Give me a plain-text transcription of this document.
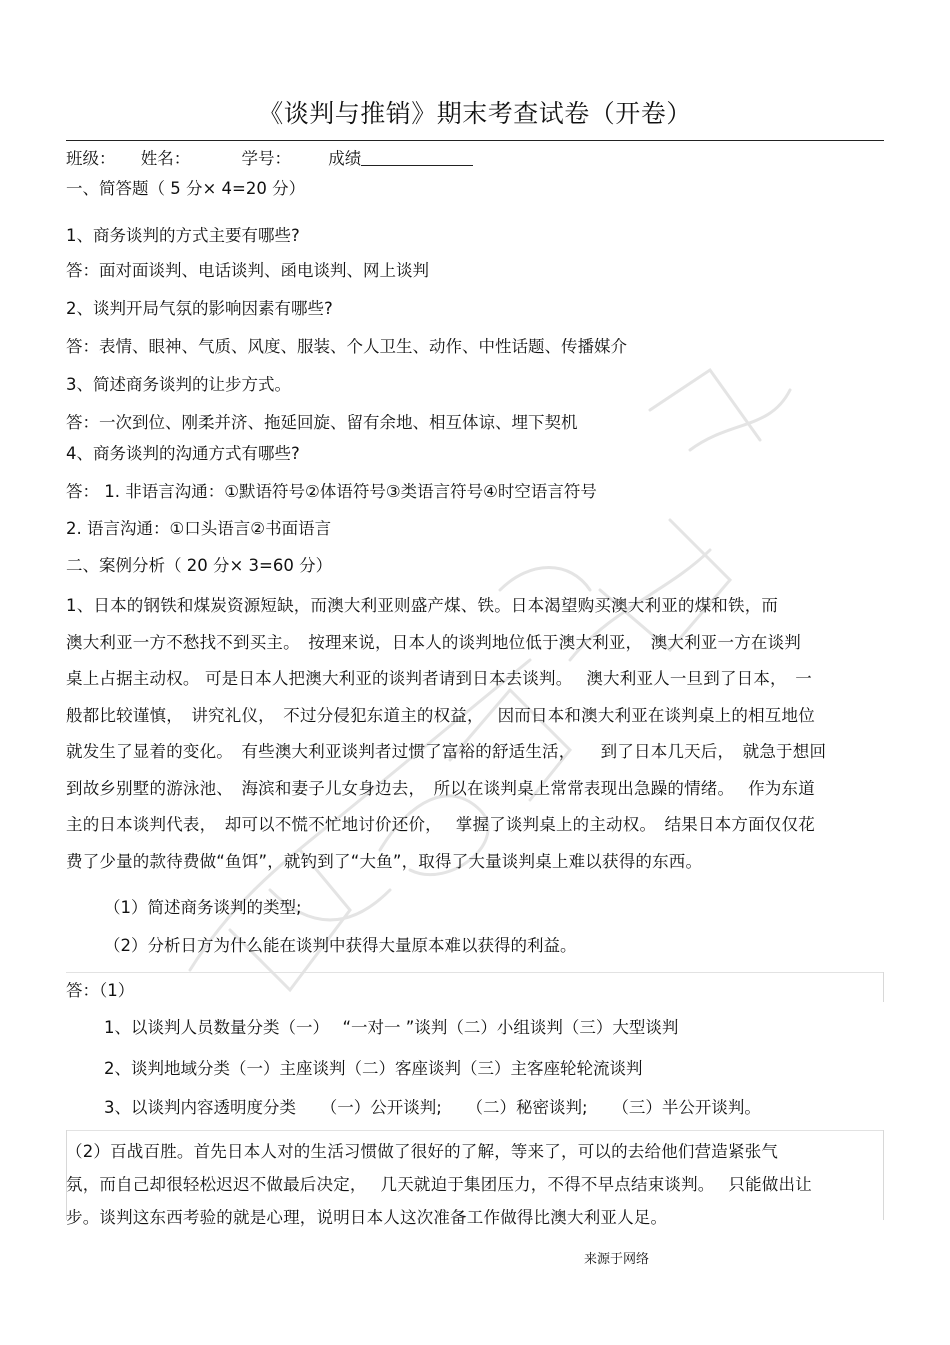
《谈判与推销》期末考查试卷（开卷）
班级： 姓名：	学号： 成绩
一、简答题（ 5 分× 4=20 分）
1、商务谈判的方式主要有哪些?
答：面对面谈判、电话谈判、函电谈判、网上谈判
2、谈判开局气氛的影响因素有哪些?
答：表情、眼神、气质、风度、服装、个人卫生、动作、中性话题、传播媒介
3、简述商务谈判的让步方式。
答：一次到位、刚柔并济、拖延回旋、留有余地、相互体谅、埋下契机
4、商务谈判的沟通方式有哪些?
答： 1. 非语言沟通：①默语符号②体语符号③类语言符号④时空语言符号
2. 语言沟通：①口头语言②书面语言
二、案例分析（ 20 分× 3=60 分）

1、日本的钢铁和煤炭资源短缺，而澳大利亚则盛产煤、铁。日本渴望购买澳大利亚的煤和铁，而

澳大利亚一方不愁找不到买主。　按理来说，日本人的谈判地位低于澳大利亚，　澳大利亚一方在谈判

桌上占据主动权。 可是日本人把澳大利亚的谈判者请到日本去谈判。　 澳大利亚人一旦到了日本，　一

般都比较谨慎，　讲究礼仪，　不过分侵犯东道主的权益，　 因而日本和澳大利亚在谈判桌上的相互地位

就发生了显着的变化。　有些澳大利亚谈判者过惯了富裕的舒适生活，　　到了日本几天后，　就急于想回

到故乡别墅的游泳池、　海滨和妻子儿女身边去，　所以在谈判桌上常常表现出急躁的情绪。　 作为东道

主的日本谈判代表，　却可以不慌不忙地讨价还价，　 掌握了谈判桌上的主动权。　结果日本方面仅仅花

费了少量的款待费做“鱼饵”，就钓到了“大鱼”，取得了大量谈判桌上难以获得的东西。

（1）简述商务谈判的类型;
（2）分析日方为什么能在谈判中获得大量原本难以获得的利益。
答：（1）
1、以谈判人员数量分类（一）　 “一对一 ”谈判（二）小组谈判（三）大型谈判
2、谈判地域分类（一）主座谈判（二）客座谈判（三）主客座轮轮流谈判
3、以谈判内容透明度分类　　（一）公开谈判;　　（二）秘密谈判;　　（三）半公开谈判。

（2）百战百胜。首先日本人对的生活习惯做了很好的了解，等来了，可以的去给他们营造紧张气

氛，而自己却很轻松迟迟不做最后决定，　 几天就迫于集团压力，不得不早点结束谈判。　 只能做出让

步。谈判这东西考验的就是心理，说明日本人这次准备工作做得比澳大利亚人足。

来源于网络
